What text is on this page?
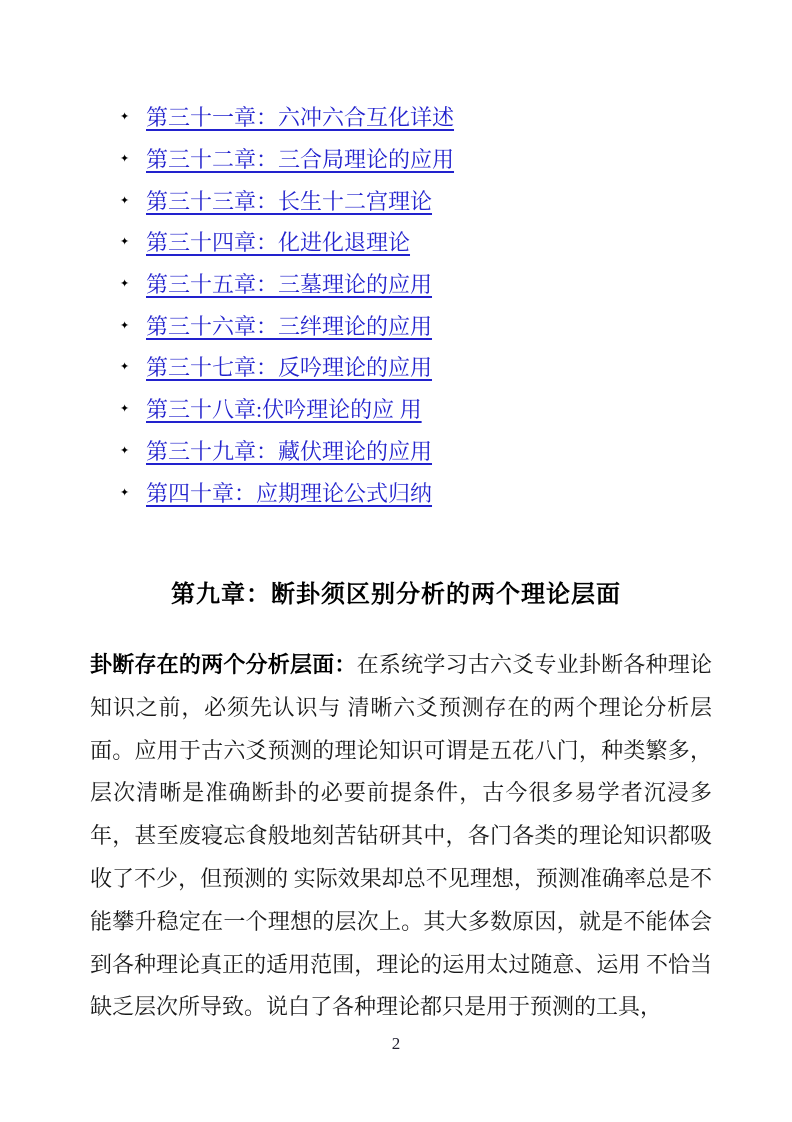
✦ 第三十一章：六冲六合互化详述
✦ 第三十二章：三合局理论的应用
✦ 第三十三章：长生十二宫理论
✦ 第三十四章：化进化退理论
✦ 第三十五章：三墓理论的应用
✦ 第三十六章：三绊理论的应用
✦ 第三十七章：反吟理论的应用
✦ 第三十八章:伏吟理论的应 用
✦ 第三十九章：藏伏理论的应用
✦ 第四十章：应期理论公式归纳
第九章：断卦须区别分析的两个理论层面

卦断存在的两个分析层面：在系统学习古六爻专业卦断各种理论知识之前，必须先认识与 清晰六爻预测存在的两个理论分析层面。应用于古六爻预测的理论知识可谓是五花八门，种类繁多，层次清晰是准确断卦的必要前提条件，古今很多易学者沉浸多年，甚至废寝忘食般地刻苦钻研其中，各门各类的理论知识都吸收了不少，但预测的 实际效果却总不见理想，预测准确率总是不能攀升稳定在一个理想的层次上。其大多数原因，就是不能体会到各种理论真正的适用范围，理论的运用太过随意、运用 不恰当缺乏层次所导致。说白了各种理论都只是用于预测的工具，

2
